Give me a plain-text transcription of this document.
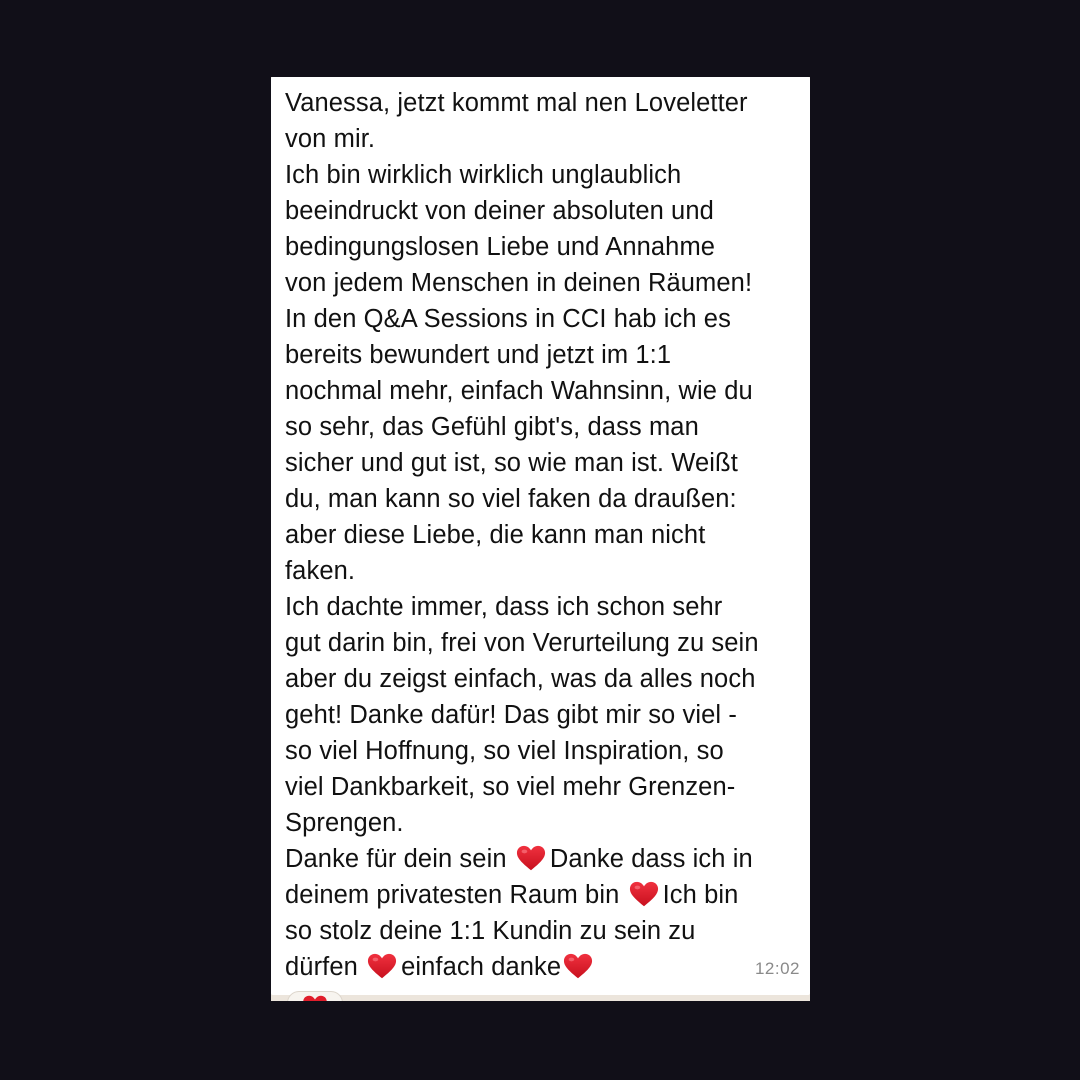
Vanessa, jetzt kommt mal nen Loveletter
von mir.
Ich bin wirklich wirklich unglaublich
beeindruckt von deiner absoluten und
bedingungslosen Liebe und Annahme
von jedem Menschen in deinen Räumen!
In den Q&A Sessions in CCI hab ich es
bereits bewundert und jetzt im 1:1
nochmal mehr, einfach Wahnsinn, wie du
so sehr, das Gefühl gibt's, dass man
sicher und gut ist, so wie man ist. Weißt
du, man kann so viel faken da draußen:
aber diese Liebe, die kann man nicht
faken.
Ich dachte immer, dass ich schon sehr
gut darin bin, frei von Verurteilung zu sein
aber du zeigst einfach, was da alles noch
geht! Danke dafür! Das gibt mir so viel -
so viel Hoffnung, so viel Inspiration, so
viel Dankbarkeit, so viel mehr Grenzen-
Sprengen.
Danke für dein sein
Danke dass ich in
deinem privatesten Raum bin
Ich bin
so stolz deine 1:1 Kundin zu sein zu
dürfen
einfach danke	12:02
